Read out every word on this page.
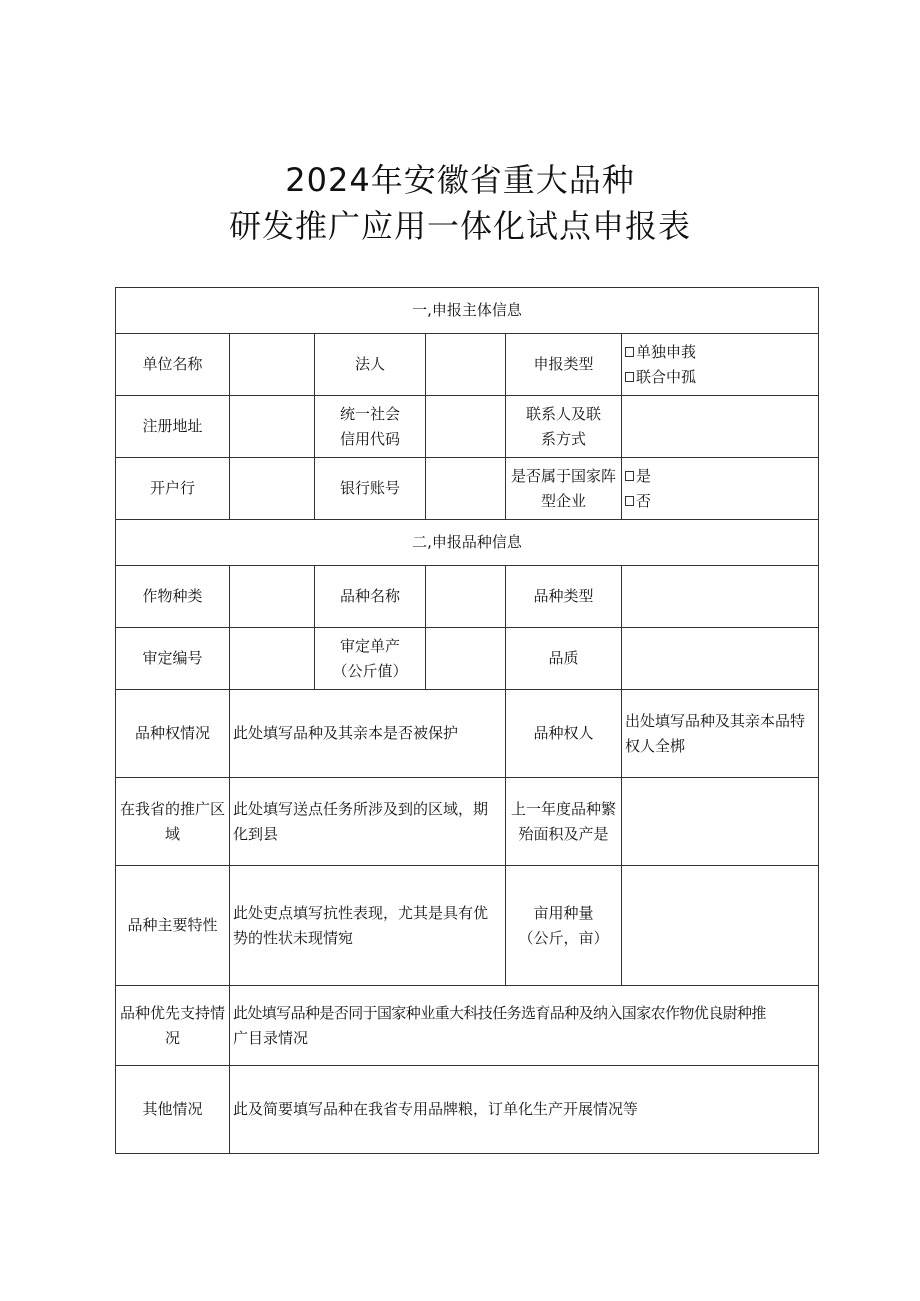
2024年安徽省重大品种
研发推广应用一体化试点申报表
一,申报主体信息					
单位名称		法人		申报类型	单独申莪
联合中孤

注册地址		统一社会
信用代码		联系人及联
系方式	

开户行		银行账号		是否属于国家阵
型企业	是
否

二,申报品种信息					
作物种类		品种名称		品种类型	
审定编号		审定单产
（公斤值）		品质	
品种权情况	此处填写品种及其亲本是否被保护			品种权人	出处填写品种及其亲本品特
权人全梆

在我省的推广区
域	此处填写送点任务所涉及到的区域，期
化到县			上一年度品种繁
殆面积及产是	

品种主要特性	此处吏点填写抗性表现，尤其是具有优
势的性状未现情宛			亩用种量
（公斤，亩）	

品种优先支持情
况	此处填写品种是否同于国家种业重大科技任务选育品种及纳入国家农作物优良尉种推
广目录情况				

其他情况	此及简要填写品种在我省专用品牌粮，订单化生产开展情况等				
